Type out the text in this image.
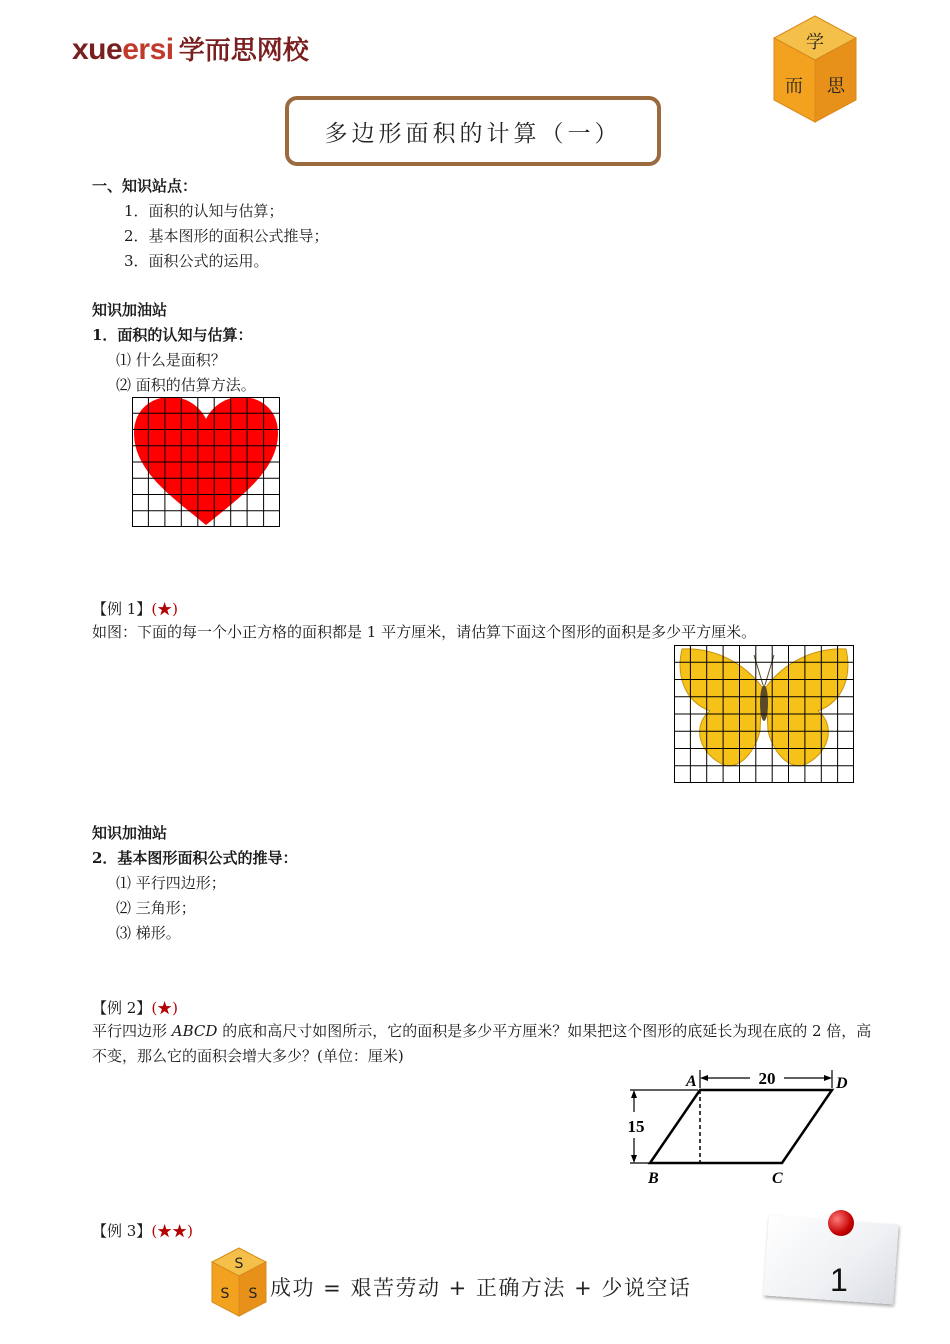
xueersi 学而思网校	学
而 思
多边形面积的计算（一）
一、知识站点：
1．面积的认知与估算；
2．基本图形的面积公式推导；
3．面积公式的运用。
知识加油站
1．面积的认知与估算：
⑴ 什么是面积？
⑵ 面积的估算方法。
【例 1】(★)
如图：下面的每一个小正方格的面积都是 1 平方厘米，请估算下面这个图形的面积是多少平方厘米。
知识加油站
2．基本图形面积公式的推导：
⑴ 平行四边形；
⑵ 三角形；
⑶ 梯形。
【例 2】(★)
平行四边形 ABCD 的底和高尺寸如图所示，它的面积是多少平方厘米？如果把这个图形的底延长为现在底的 2 倍，高不变，那么它的面积会增大多少？(单位：厘米)
20
15
A	D
B	C
【例 3】(★★)
S
S S 成功 = 艰苦劳动 + 正确方法 + 少说空话	1
